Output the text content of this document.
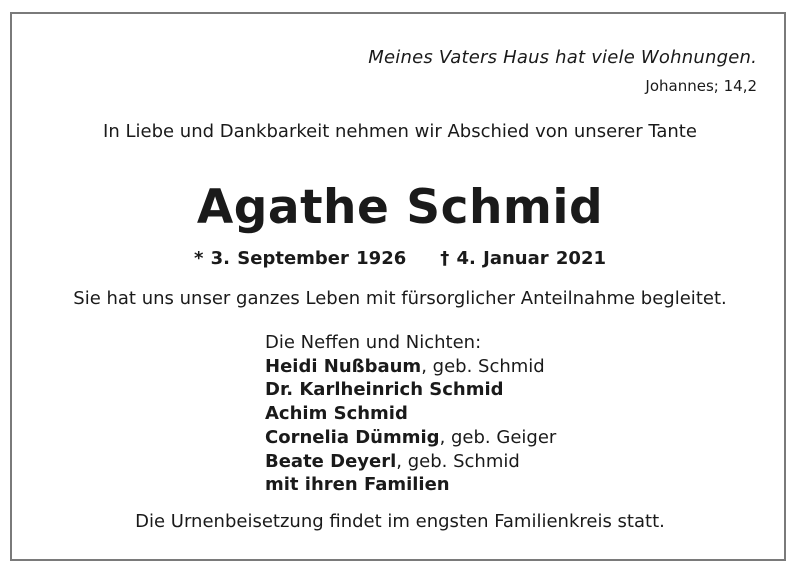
Meines Vaters Haus hat viele Wohnungen.
Johannes; 14,2
In Liebe und Dankbarkeit nehmen wir Abschied von unserer Tante
Agathe Schmid
* 3. September 1926 † 4. Januar 2021
Sie hat uns unser ganzes Leben mit fürsorglicher Anteilnahme begleitet.
Die Neffen und Nichten:
Heidi Nußbaum, geb. Schmid
Dr. Karlheinrich Schmid
Achim Schmid
Cornelia Dümmig, geb. Geiger
Beate Deyerl, geb. Schmid
mit ihren Familien
Die Urnenbeisetzung findet im engsten Familienkreis statt.
